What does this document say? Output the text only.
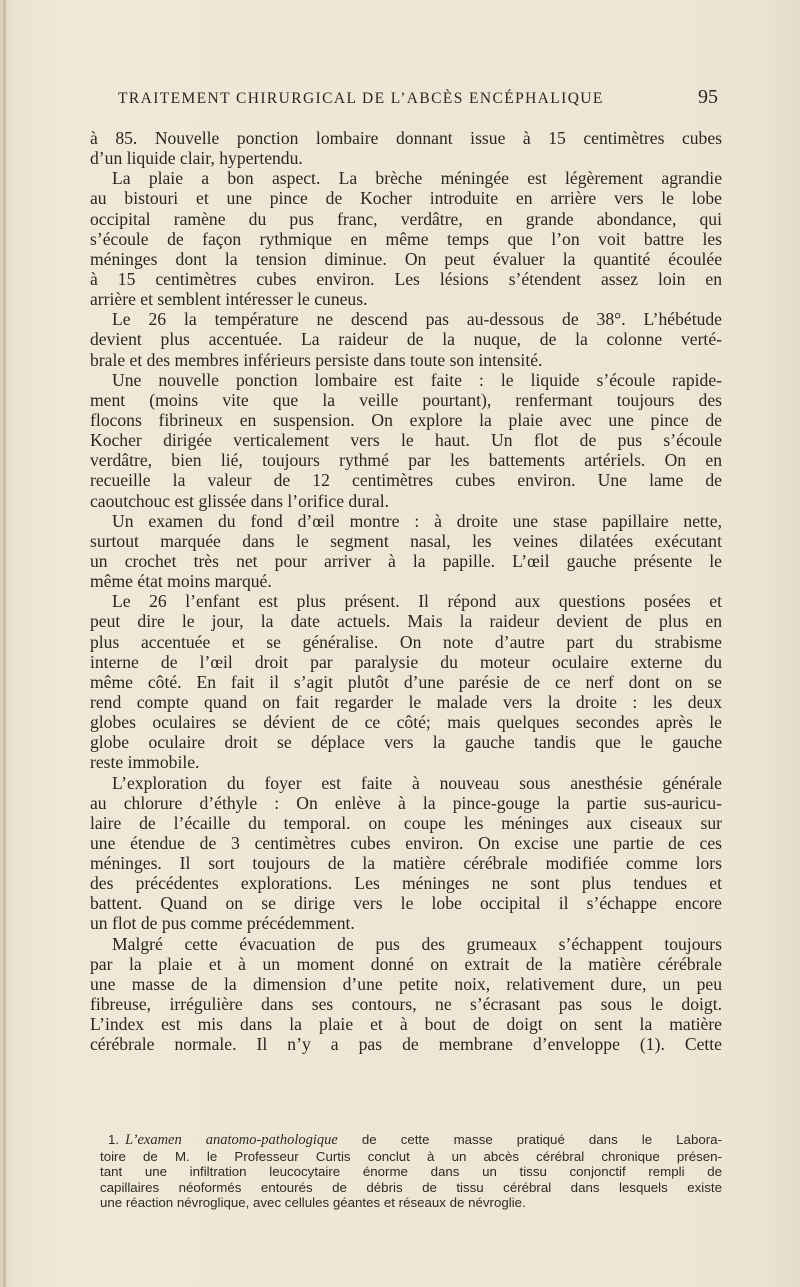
TRAITEMENT CHIRURGICAL DE L’ABCÈS ENCÉPHALIQUE	95
à 85. Nouvelle ponction lombaire donnant issue à 15 centimètres cubes
d’un liquide clair, hypertendu.
La plaie a bon aspect. La brèche méningée est légèrement agrandie
au bistouri et une pince de Kocher introduite en arrière vers le lobe
occipital ramène du pus franc, verdâtre, en grande abondance, qui
s’écoule de façon rythmique en même temps que l’on voit battre les
méninges dont la tension diminue. On peut évaluer la quantité écoulée
à 15 centimètres cubes environ. Les lésions s’étendent assez loin en
arrière et semblent intéresser le cuneus.
Le 26 la température ne descend pas au-dessous de 38°. L’hébétude
devient plus accentuée. La raideur de la nuque, de la colonne verté-
brale et des membres inférieurs persiste dans toute son intensité.
Une nouvelle ponction lombaire est faite : le liquide s’écoule rapide-
ment (moins vite que la veille pourtant), renfermant toujours des
flocons fibrineux en suspension. On explore la plaie avec une pince de
Kocher dirigée verticalement vers le haut. Un flot de pus s’écoule
verdâtre, bien lié, toujours rythmé par les battements artériels. On en
recueille la valeur de 12 centimètres cubes environ. Une lame de
caoutchouc est glissée dans l’orifice dural.
Un examen du fond d’œil montre : à droite une stase papillaire nette,
surtout marquée dans le segment nasal, les veines dilatées exécutant
un crochet très net pour arriver à la papille. L’œil gauche présente le
même état moins marqué.
Le 26 l’enfant est plus présent. Il répond aux questions posées et
peut dire le jour, la date actuels. Mais la raideur devient de plus en
plus accentuée et se généralise. On note d’autre part du strabisme
interne de l’œil droit par paralysie du moteur oculaire externe du
même côté. En fait il s’agit plutôt d’une parésie de ce nerf dont on se
rend compte quand on fait regarder le malade vers la droite : les deux
globes oculaires se dévient de ce côté; mais quelques secondes après le
globe oculaire droit se déplace vers la gauche tandis que le gauche
reste immobile.
L’exploration du foyer est faite à nouveau sous anesthésie générale
au chlorure d’éthyle : On enlève à la pince-gouge la partie sus-auricu-
laire de l’écaille du temporal. on coupe les méninges aux ciseaux sur
une étendue de 3 centimètres cubes environ. On excise une partie de ces
méninges. Il sort toujours de la matière cérébrale modifiée comme lors
des précédentes explorations. Les méninges ne sont plus tendues et
battent. Quand on se dirige vers le lobe occipital il s’échappe encore
un flot de pus comme précédemment.
Malgré cette évacuation de pus des grumeaux s’échappent toujours
par la plaie et à un moment donné on extrait de la matière cérébrale
une masse de la dimension d’une petite noix, relativement dure, un peu
fibreuse, irrégulière dans ses contours, ne s’écrasant pas sous le doigt.
L’index est mis dans la plaie et à bout de doigt on sent la matière
cérébrale normale. Il n’y a pas de membrane d’enveloppe (1). Cette
1. L’examen anatomo-pathologique de cette masse pratiqué dans le Labora-
toire de M. le Professeur Curtis conclut à un abcès cérébral chronique présen-
tant une infiltration leucocytaire énorme dans un tissu conjonctif rempli de
capillaires néoformés entourés de débris de tissu cérébral dans lesquels existe
une réaction névroglique, avec cellules géantes et réseaux de névroglie.
